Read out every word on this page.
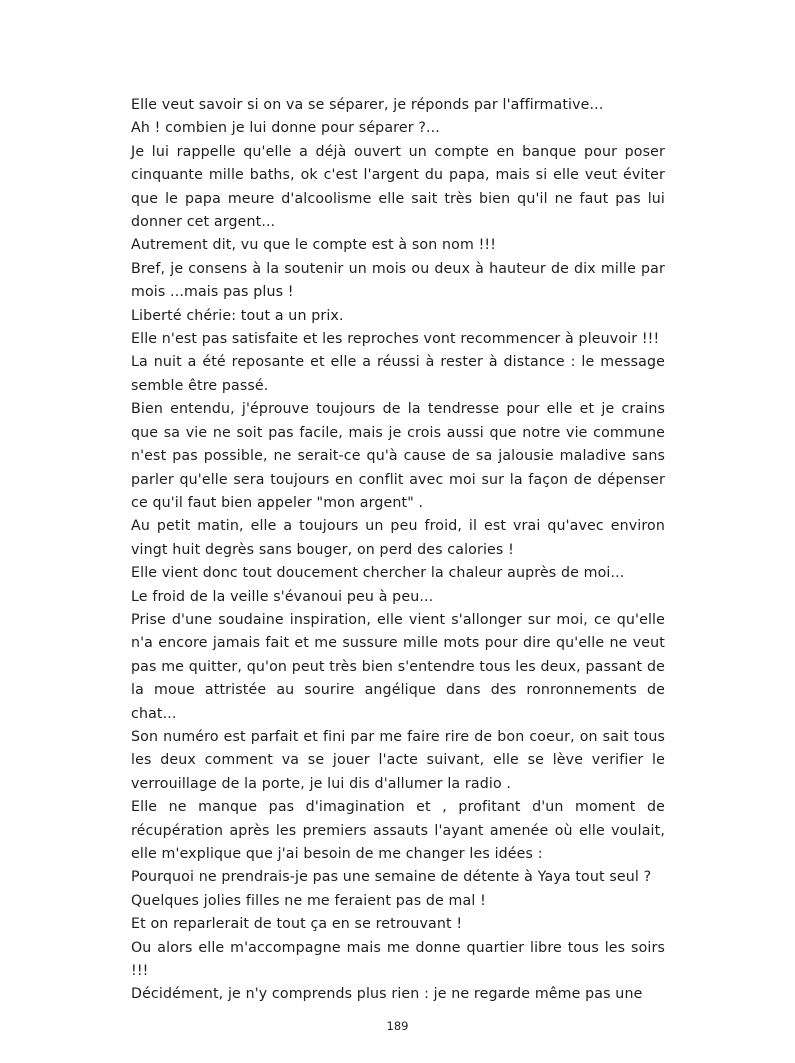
Elle veut savoir si on va se séparer, je réponds par l'affirmative...

Ah ! combien je lui donne pour séparer ?...

Je lui rappelle qu'elle a déjà ouvert un compte en banque pour poser cinquante mille baths, ok c'est l'argent du papa, mais si elle veut éviter que le papa meure d'alcoolisme elle sait très bien qu'il ne faut pas lui donner cet argent...

Autrement dit, vu que le compte est à son nom !!!

Bref, je consens à la soutenir un mois ou deux à hauteur de dix mille par mois ...mais pas plus !

Liberté chérie: tout a un prix.

Elle n'est pas satisfaite et les reproches vont recommencer à pleuvoir !!!

La nuit a été reposante et elle a réussi à rester à distance : le message semble être passé.

Bien entendu, j'éprouve toujours de la tendresse pour elle et je crains que sa vie ne soit pas facile, mais je crois aussi que notre vie commune n'est pas possible, ne serait-ce qu'à cause de sa jalousie maladive sans parler qu'elle sera toujours en conflit avec moi sur la façon de dépenser ce qu'il faut bien appeler "mon argent" .

Au petit matin, elle a toujours un peu froid, il est vrai qu'avec environ vingt huit degrès sans bouger, on perd des calories !

Elle vient donc tout doucement chercher la chaleur auprès de moi...

Le froid de la veille s'évanoui peu à peu...

Prise d'une soudaine inspiration, elle vient s'allonger sur moi, ce qu'elle n'a encore jamais fait et me sussure mille mots pour dire qu'elle ne veut pas me quitter, qu'on peut très bien s'entendre tous les deux, passant de la moue attristée au sourire angélique dans des ronronnements de chat...

Son numéro est parfait et fini par me faire rire de bon coeur, on sait tous les deux comment va se jouer l'acte suivant, elle se lève verifier le verrouillage de la porte, je lui dis d'allumer la radio .

Elle ne manque pas d'imagination et , profitant d'un moment de récupération après les premiers assauts l'ayant amenée où elle voulait, elle m'explique que j'ai besoin de me changer les idées :

Pourquoi ne prendrais-je pas une semaine de détente à Yaya tout seul ?

Quelques jolies filles ne me feraient pas de mal !

Et on reparlerait de tout ça en se retrouvant !

Ou alors elle m'accompagne mais me donne quartier libre tous les soirs !!!

Décidément, je n'y comprends plus rien : je ne regarde même pas une

189
